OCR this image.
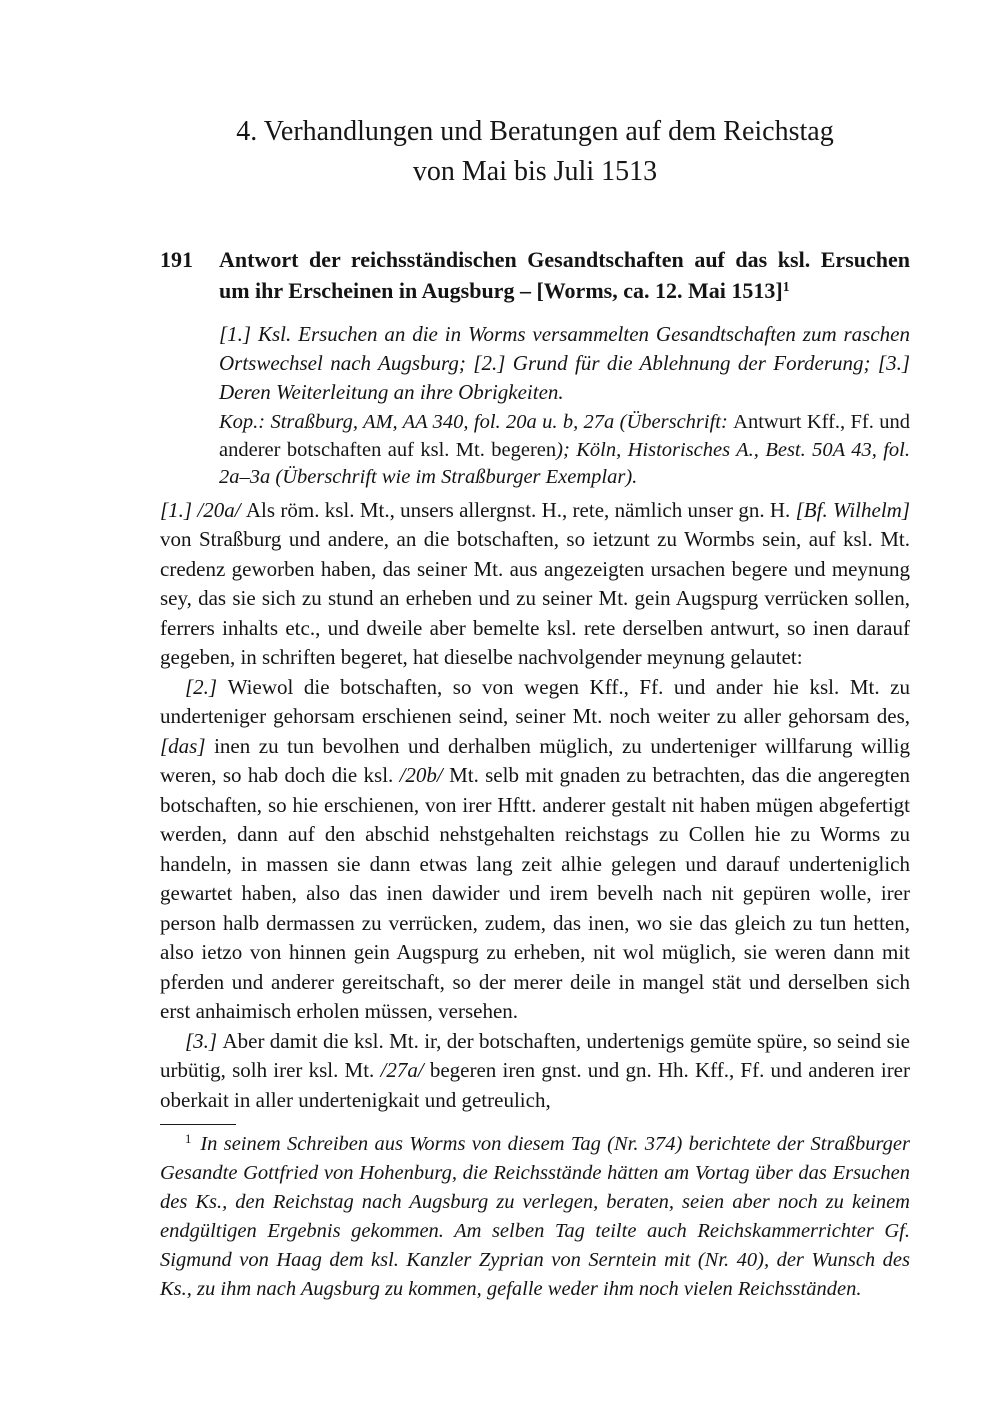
4. Verhandlungen und Beratungen auf dem Reichstag
von Mai bis Juli 1513
191	Antwort der reichsständischen Gesandtschaften auf das ksl. Ersuchen um ihr Erscheinen in Augsburg – [Worms, ca. 12. Mai 1513]$^1$

[1.] Ksl. Ersuchen an die in Worms versammelten Gesandtschaften zum raschen Ortswechsel nach Augsburg; [2.] Grund für die Ablehnung der Forderung; [3.] Deren Weiterleitung an ihre Obrigkeiten.

Kop.: Straßburg, AM, AA 340, fol. 20a u. b, 27a (Überschrift: Antwurt Kff., Ff. und anderer botschaften auf ksl. Mt. begeren); Köln, Historisches A., Best. 50A 43, fol. 2a–3a (Überschrift wie im Straßburger Exemplar).

[1.] /20a/ Als röm. ksl. Mt., unsers allergnst. H., rete, nämlich unser gn. H. [Bf. Wilhelm] von Straßburg und andere, an die botschaften, so ietzunt zu Wormbs sein, auf ksl. Mt. credenz geworben haben, das seiner Mt. aus angezeigten ursachen begere und meynung sey, das sie sich zu stund an erheben und zu seiner Mt. gein Augspurg verrücken sollen, ferrers inhalts etc., und dweile aber bemelte ksl. rete derselben antwurt, so inen darauf gegeben, in schriften begeret, hat dieselbe nachvolgender meynung gelautet:

[2.] Wiewol die botschaften, so von wegen Kff., Ff. und ander hie ksl. Mt. zu underteniger gehorsam erschienen seind, seiner Mt. noch weiter zu aller gehorsam des, [das] inen zu tun bevolhen und derhalben müglich, zu underteniger willfarung willig weren, so hab doch die ksl. /20b/ Mt. selb mit gnaden zu betrachten, das die angeregten botschaften, so hie erschienen, von irer Hftt. anderer gestalt nit haben mügen abgefertigt werden, dann auf den abschid nehstgehalten reichstags zu Collen hie zu Worms zu handeln, in massen sie dann etwas lang zeit alhie gelegen und darauf underteniglich gewartet haben, also das inen dawider und irem bevelh nach nit gepüren wolle, irer person halb dermassen zu verrücken, zudem, das inen, wo sie das gleich zu tun hetten, also ietzo von hinnen gein Augspurg zu erheben, nit wol müglich, sie weren dann mit pferden und anderer gereitschaft, so der merer deile in mangel stät und derselben sich erst anhaimisch erholen müssen, versehen.

[3.] Aber damit die ksl. Mt. ir, der botschaften, undertenigs gemüte spüre, so seind sie urbütig, solh irer ksl. Mt. /27a/ begeren iren gnst. und gn. Hh. Kff., Ff. und anderen irer oberkait in aller undertenigkait und getreulich,

$^1$ In seinem Schreiben aus Worms von diesem Tag (Nr. 374) berichtete der Straßburger Gesandte Gottfried von Hohenburg, die Reichsstände hätten am Vortag über das Ersuchen des Ks., den Reichstag nach Augsburg zu verlegen, beraten, seien aber noch zu keinem endgültigen Ergebnis gekommen. Am selben Tag teilte auch Reichskammerrichter Gf. Sigmund von Haag dem ksl. Kanzler Zyprian von Serntein mit (Nr. 40), der Wunsch des Ks., zu ihm nach Augsburg zu kommen, gefalle weder ihm noch vielen Reichsständen.
